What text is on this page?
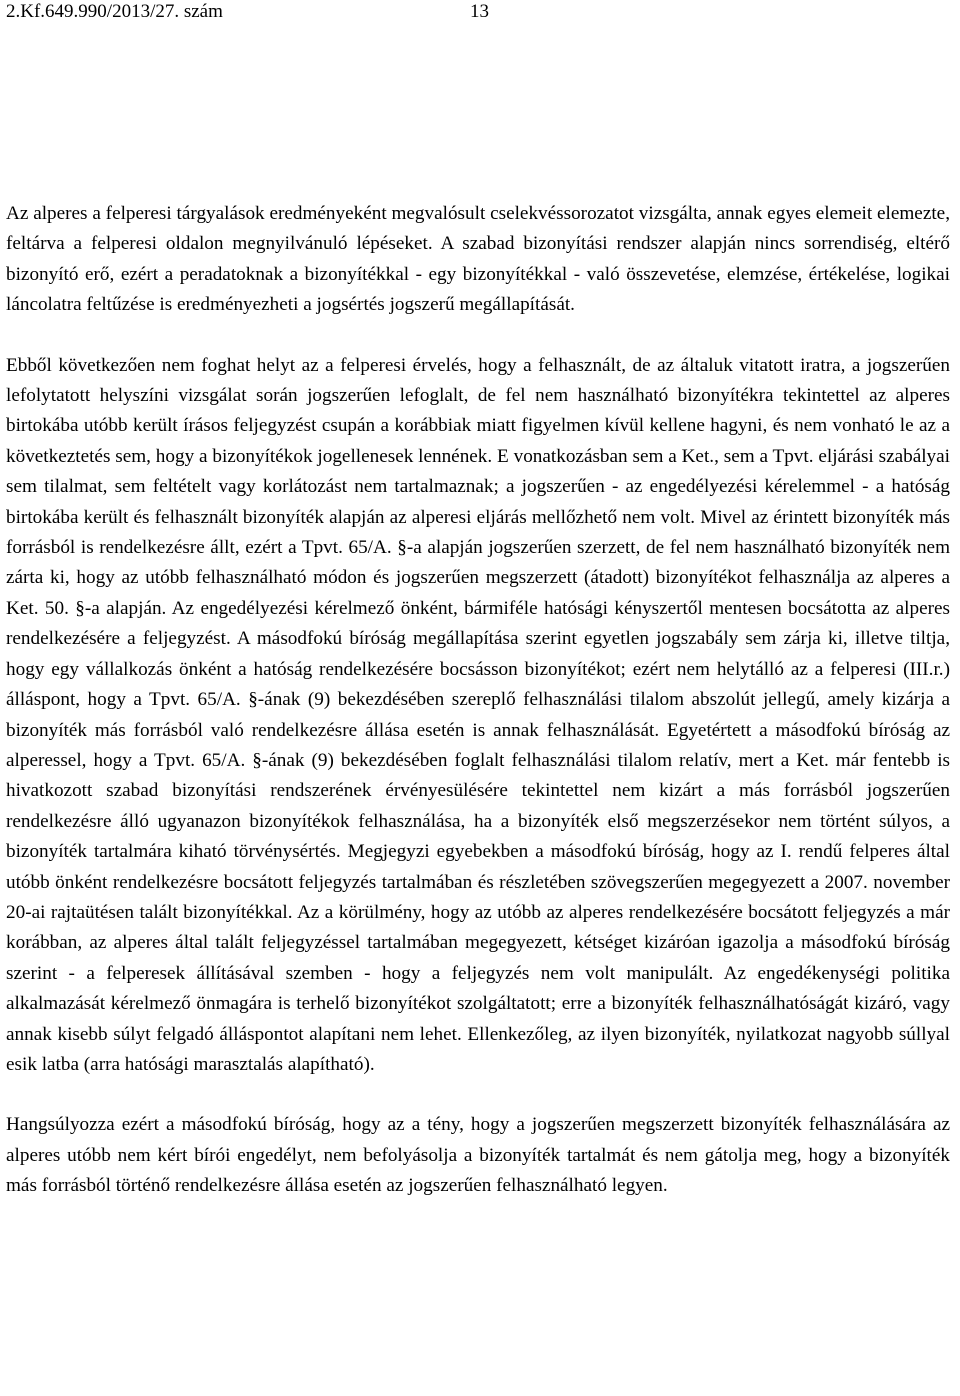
2.Kf.649.990/2013/27. szám	13

Az alperes a felperesi tárgyalások eredményeként megvalósult cselekvéssorozatot vizsgálta, annak egyes elemeit elemezte, feltárva a felperesi oldalon megnyilvánuló lépéseket. A szabad bizonyítási rendszer alapján nincs sorrendiség, eltérő bizonyító erő, ezért a peradatoknak a bizonyítékkal - egy bizonyítékkal - való összevetése, elemzése, értékelése, logikai láncolatra feltűzése is eredményezheti a jogsértés jogszerű megállapítását.

Ebből következően nem foghat helyt az a felperesi érvelés, hogy a felhasznált, de az általuk vitatott iratra, a jogszerűen lefolytatott helyszíni vizsgálat során jogszerűen lefoglalt, de fel nem használható bizonyítékra tekintettel az alperes birtokába utóbb került írásos feljegyzést csupán a korábbiak miatt figyelmen kívül kellene hagyni, és nem vonható le az a következtetés sem, hogy a bizonyítékok jogellenesek lennének. E vonatkozásban sem a Ket., sem a Tpvt. eljárási szabályai sem tilalmat, sem feltételt vagy korlátozást nem tartalmaznak; a jogszerűen - az engedélyezési kérelemmel - a hatóság birtokába került és felhasznált bizonyíték alapján az alperesi eljárás mellőzhető nem volt. Mivel az érintett bizonyíték más forrásból is rendelkezésre állt, ezért a Tpvt. 65/A. §-a alapján jogszerűen szerzett, de fel nem használható bizonyíték nem zárta ki, hogy az utóbb felhasználható módon és jogszerűen megszerzett (átadott) bizonyítékot felhasználja az alperes a Ket. 50. §-a alapján. Az engedélyezési kérelmező önként, bármiféle hatósági kényszertől mentesen bocsátotta az alperes rendelkezésére a feljegyzést. A másodfokú bíróság megállapítása szerint egyetlen jogszabály sem zárja ki, illetve tiltja, hogy egy vállalkozás önként a hatóság rendelkezésére bocsásson bizonyítékot; ezért nem helytálló az a felperesi (III.r.) álláspont, hogy a Tpvt. 65/A. §-ának (9) bekezdésében szereplő felhasználási tilalom abszolút jellegű, amely kizárja a bizonyíték más forrásból való rendelkezésre állása esetén is annak felhasználását. Egyetértett a másodfokú bíróság az alperessel, hogy a Tpvt. 65/A. §-ának (9) bekezdésében foglalt felhasználási tilalom relatív, mert a Ket. már fentebb is hivatkozott szabad bizonyítási rendszerének érvényesülésére tekintettel nem kizárt a más forrásból jogszerűen rendelkezésre álló ugyanazon bizonyítékok felhasználása, ha a bizonyíték első megszerzésekor nem történt súlyos, a bizonyíték tartalmára kiható törvénysértés. Megjegyzi egyebekben a másodfokú bíróság, hogy az I. rendű felperes által utóbb önként rendelkezésre bocsátott feljegyzés tartalmában és részletében szövegszerűen megegyezett a 2007. november 20-ai rajtaütésen talált bizonyítékkal. Az a körülmény, hogy az utóbb az alperes rendelkezésére bocsátott feljegyzés a már korábban, az alperes által talált feljegyzéssel tartalmában megegyezett, kétséget kizáróan igazolja a másodfokú bíróság szerint - a felperesek állításával szemben - hogy a feljegyzés nem volt manipulált. Az engedékenységi politika alkalmazását kérelmező önmagára is terhelő bizonyítékot szolgáltatott; erre a bizonyíték felhasználhatóságát kizáró, vagy annak kisebb súlyt felgadó álláspontot alapítani nem lehet. Ellenkezőleg, az ilyen bizonyíték, nyilatkozat nagyobb súllyal esik latba (arra hatósági marasztalás alapítható).

Hangsúlyozza ezért a másodfokú bíróság, hogy az a tény, hogy a jogszerűen megszerzett bizonyíték felhasználására az alperes utóbb nem kért bírói engedélyt, nem befolyásolja a bizonyíték tartalmát és nem gátolja meg, hogy a bizonyíték más forrásból történő rendelkezésre állása esetén az jogszerűen felhasználható legyen.
